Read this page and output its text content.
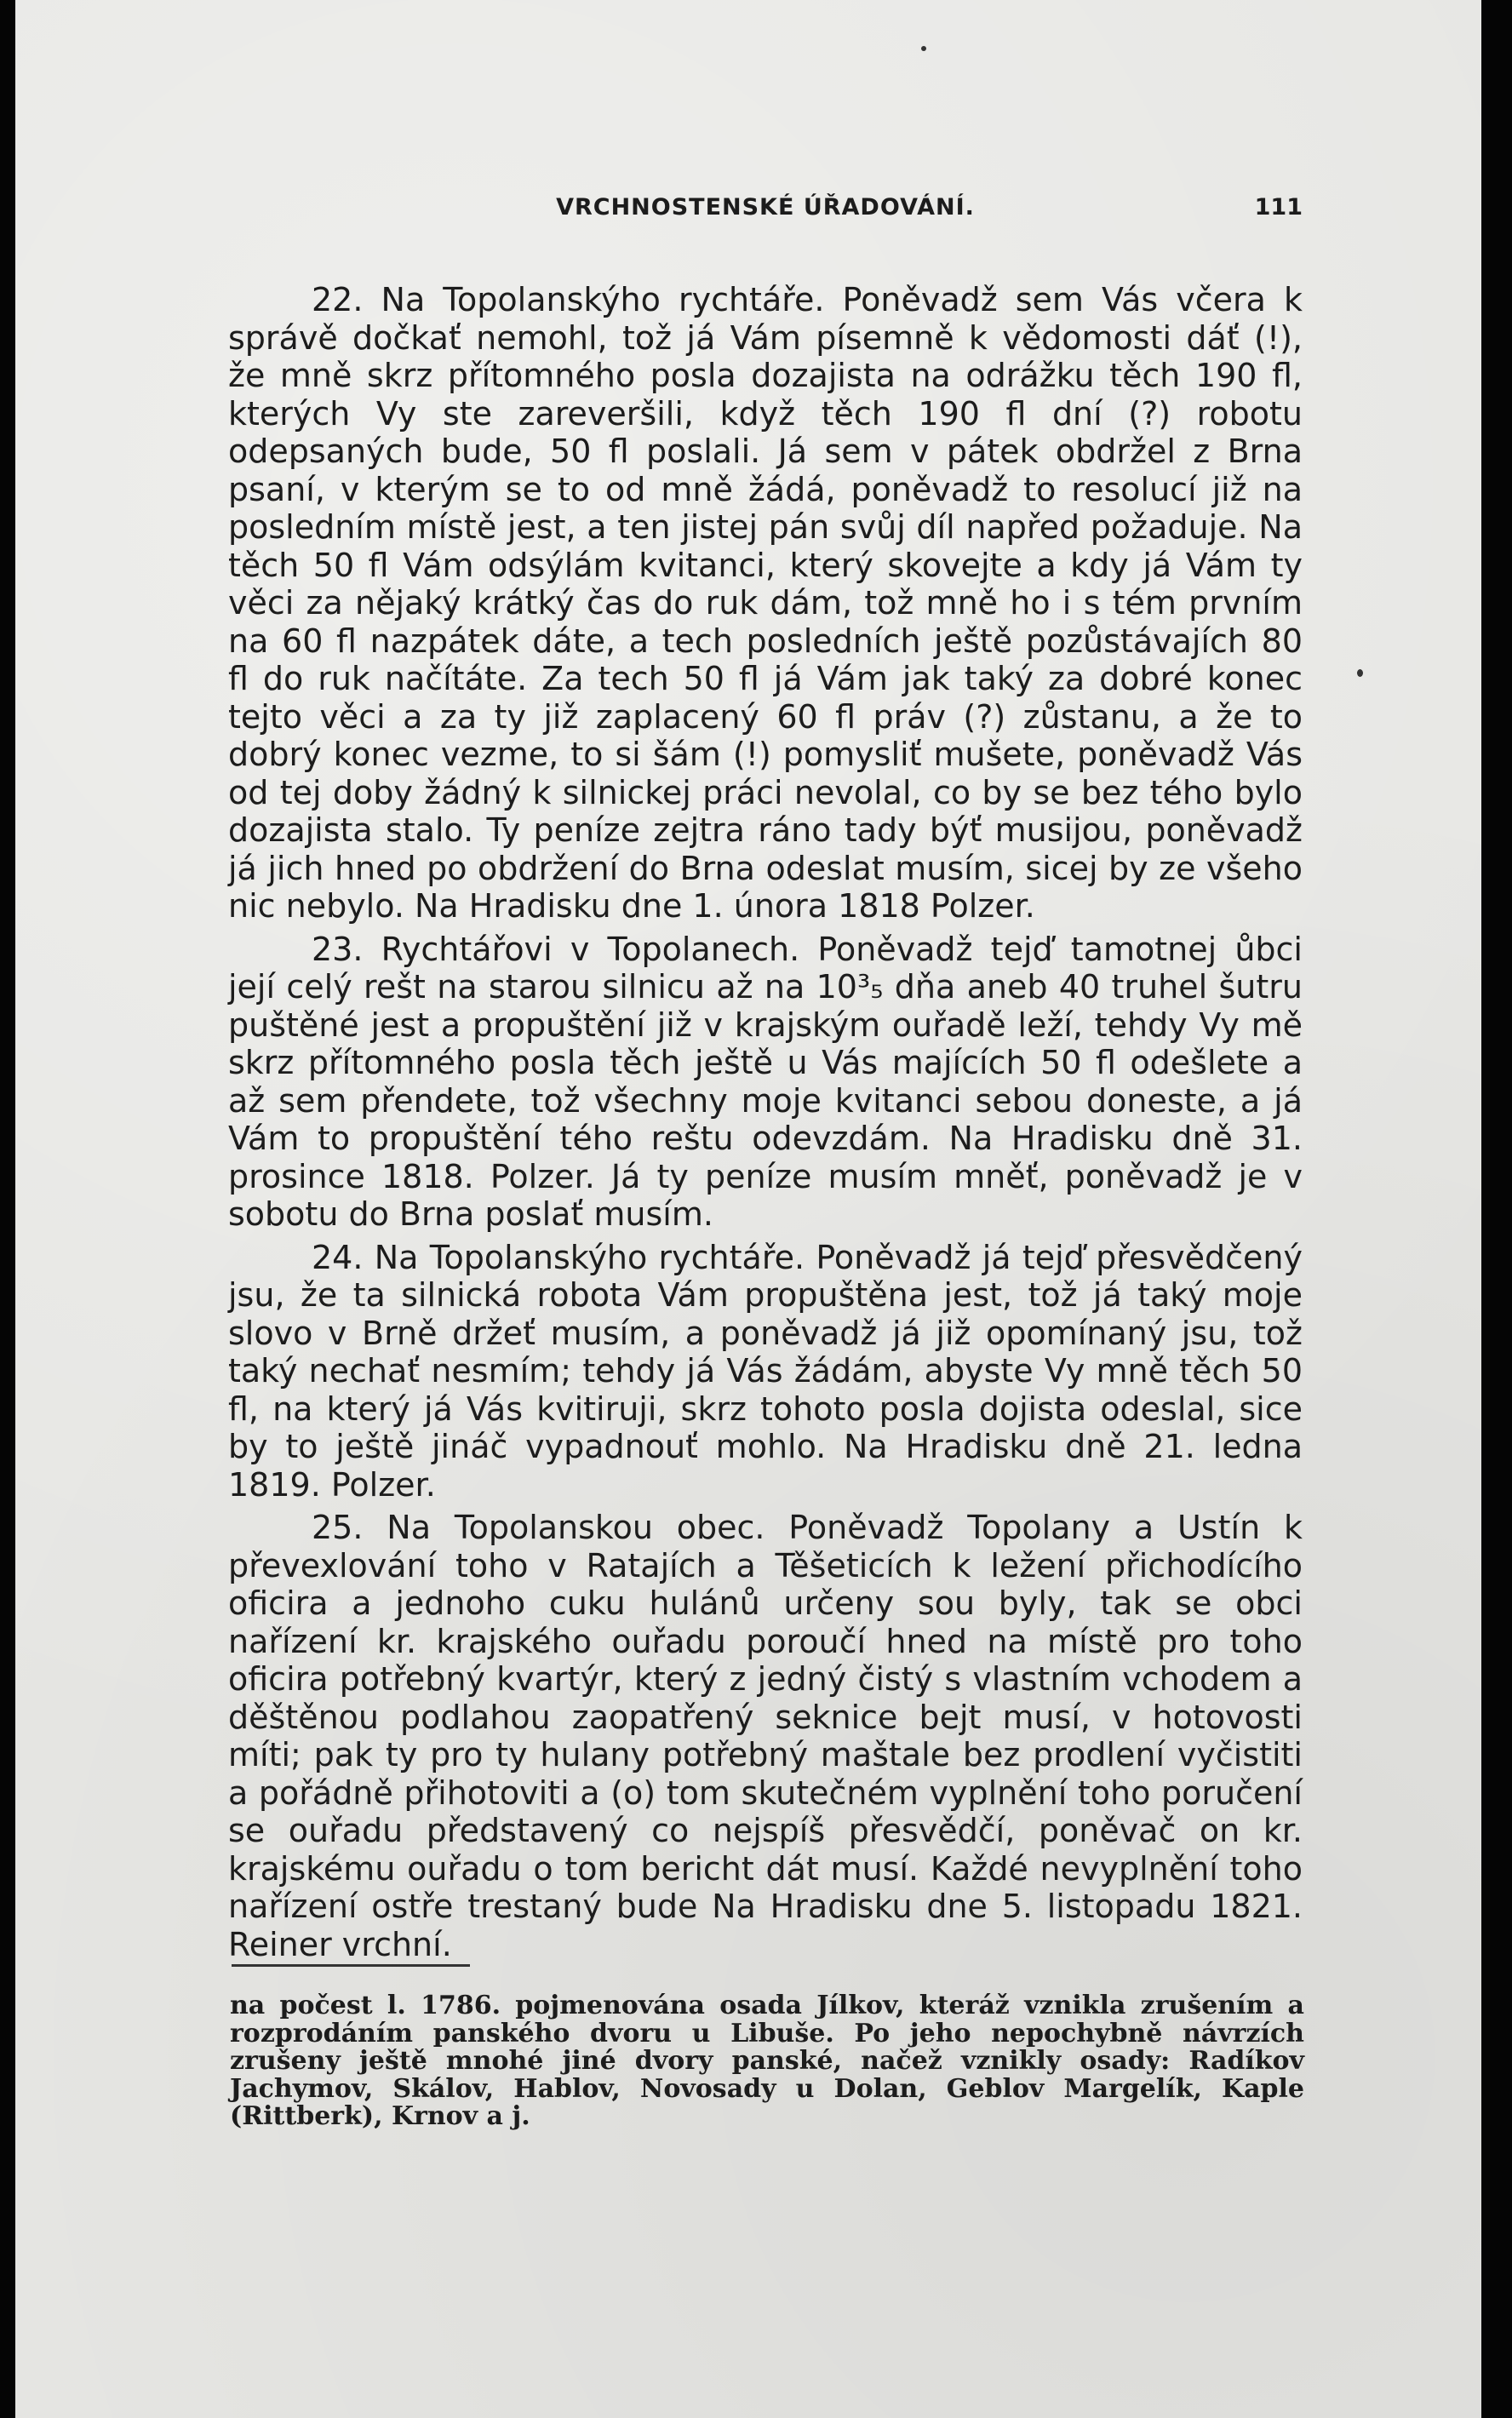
VRCHNOSTENSKÉ ÚŘADOVÁNÍ.	111

22. Na Topolanskýho rychtáře. Poněvadž sem Vás včera k správě dočkať nemohl, tož já Vám písemně k vědomosti dáť (!), že mně skrz přítomného posla dozajista na odrážku těch 190 fl, kterých Vy ste zareveršili, když těch 190 fl dní (?) robotu odepsaných bude, 50 fl poslali. Já sem v pátek obdržel z Brna psaní, v kterým se to od mně žádá, poněvadž to resolucí již na posledním místě jest, a ten jistej pán svůj díl napřed požaduje. Na těch 50 fl Vám odsýlám kvitanci, který skovejte a kdy já Vám ty věci za nějaký krátký čas do ruk dám, tož mně ho i s tém prvním na 60 fl nazpátek dáte, a tech posledních ještě pozůstávajích 80 fl do ruk načítáte. Za tech 50 fl já Vám jak taký za dobré konec tejto věci a za ty již zaplacený 60 fl práv (?) zůstanu, a že to dobrý konec vezme, to si šám (!) pomysliť mušete, poněvadž Vás od tej doby žádný k silnickej práci nevolal, co by se bez tého bylo dozajista stalo. Ty peníze zejtra ráno tady býť musijou, poněvadž já jich hned po obdržení do Brna odeslat musím, sicej by ze všeho nic nebylo. Na Hradisku dne 1. února 1818 Polzer.

23. Rychtářovi v Topolanech. Poněvadž tejď tamotnej ůbci její celý rešt na starou silnicu až na 10³₅ dňa aneb 40 truhel šutru puštěné jest a propuštění již v krajským ouřadě leží, tehdy Vy mě skrz přítomného posla těch ještě u Vás majících 50 fl odešlete a až sem přendete, tož všechny moje kvitanci sebou doneste, a já Vám to propuštění tého reštu odevzdám. Na Hradisku dně 31. prosince 1818. Polzer. Já ty peníze musím mněť, poněvadž je v sobotu do Brna poslať musím.

24. Na Topolanskýho rychtáře. Poněvadž já tejď přesvědčený jsu, že ta silnická robota Vám propuštěna jest, tož já taký moje slovo v Brně držeť musím, a poněvadž já již opomínaný jsu, tož taký nechať nesmím; tehdy já Vás žádám, abyste Vy mně těch 50 fl, na který já Vás kvitiruji, skrz tohoto posla dojista odeslal, sice by to ještě jináč vypadnouť mohlo. Na Hradisku dně 21. ledna 1819. Polzer.

25. Na Topolanskou obec. Poněvadž Topolany a Ustín k převexlování toho v Ratajích a Těšeticích k ležení přichodícího oficira a jednoho cuku hulánů určeny sou byly, tak se obci nařízení kr. krajského ouřadu poroučí hned na místě pro toho oficira potřebný kvartýr, který z jedný čistý s vlastním vchodem a děštěnou podlahou zaopatřený seknice bejt musí, v hotovosti míti; pak ty pro ty hulany potřebný maštale bez prodlení vyčistiti a pořádně přihotoviti a (o) tom skutečném vyplnění toho poručení se ouřadu představený co nejspíš přesvědčí, poněvač on kr. krajskému ouřadu o tom bericht dát musí. Každé nevyplnění toho nařízení ostře trestaný bude Na Hradisku dne 5. listopadu 1821. Reiner vrchní.

na počest l. 1786. pojmenována osada Jílkov, kteráž vznikla zrušením a rozprodáním panského dvoru u Libuše. Po jeho nepochybně návrzích zrušeny ještě mnohé jiné dvory panské, načež vznikly osady: Radíkov Jachymov, Skálov, Hablov, Novosady u Dolan, Geblov Margelík, Kaple (Rittberk), Krnov a j.
